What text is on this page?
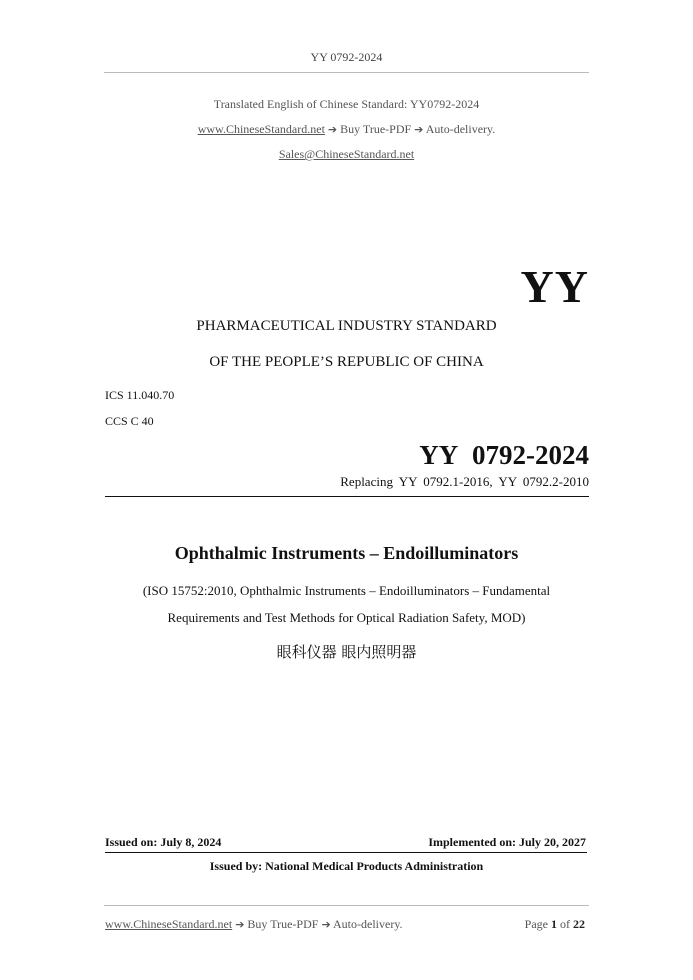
YY 0792-2024
Translated English of Chinese Standard: YY0792-2024
www.ChineseStandard.net ➔ Buy True-PDF ➔ Auto-delivery.
Sales@ChineseStandard.net
YY
PHARMACEUTICAL INDUSTRY STANDARD
OF THE PEOPLE’S REPUBLIC OF CHINA
ICS 11.040.70
CCS C 40
YY 0792-2024
Replacing YY 0792.1-2016, YY 0792.2-2010
Ophthalmic Instruments – Endoilluminators
(ISO 15752:2010, Ophthalmic Instruments – Endoilluminators – Fundamental
Requirements and Test Methods for Optical Radiation Safety, MOD)
眼科仪器 眼内照明器
Issued on: July 8, 2024	Implemented on: July 20, 2027
Issued by: National Medical Products Administration
www.ChineseStandard.net ➔ Buy True-PDF ➔ Auto-delivery.	Page 1 of 22
